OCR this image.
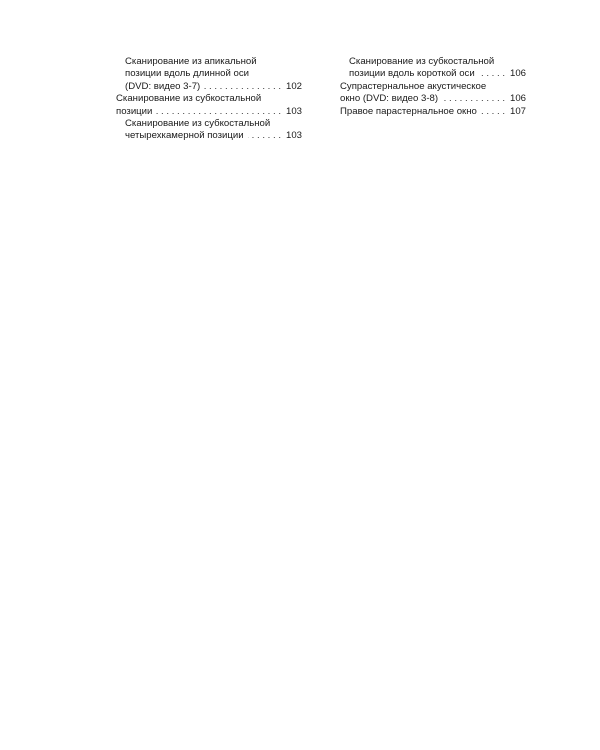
Сканирование из апикальной
позиции вдоль длинной оси
(DVD: видео 3-7) . . .	102
Сканирование из субкостальной
позиции . . .	103
Сканирование из субкостальной
четырехкамерной позиции . . .	103
Сканирование из субкостальной
позиции вдоль короткой оси . . .	106
Супрастернальное акустическое
окно (DVD: видео 3-8) . . .	106
Правое парастернальное окно . . .	107
